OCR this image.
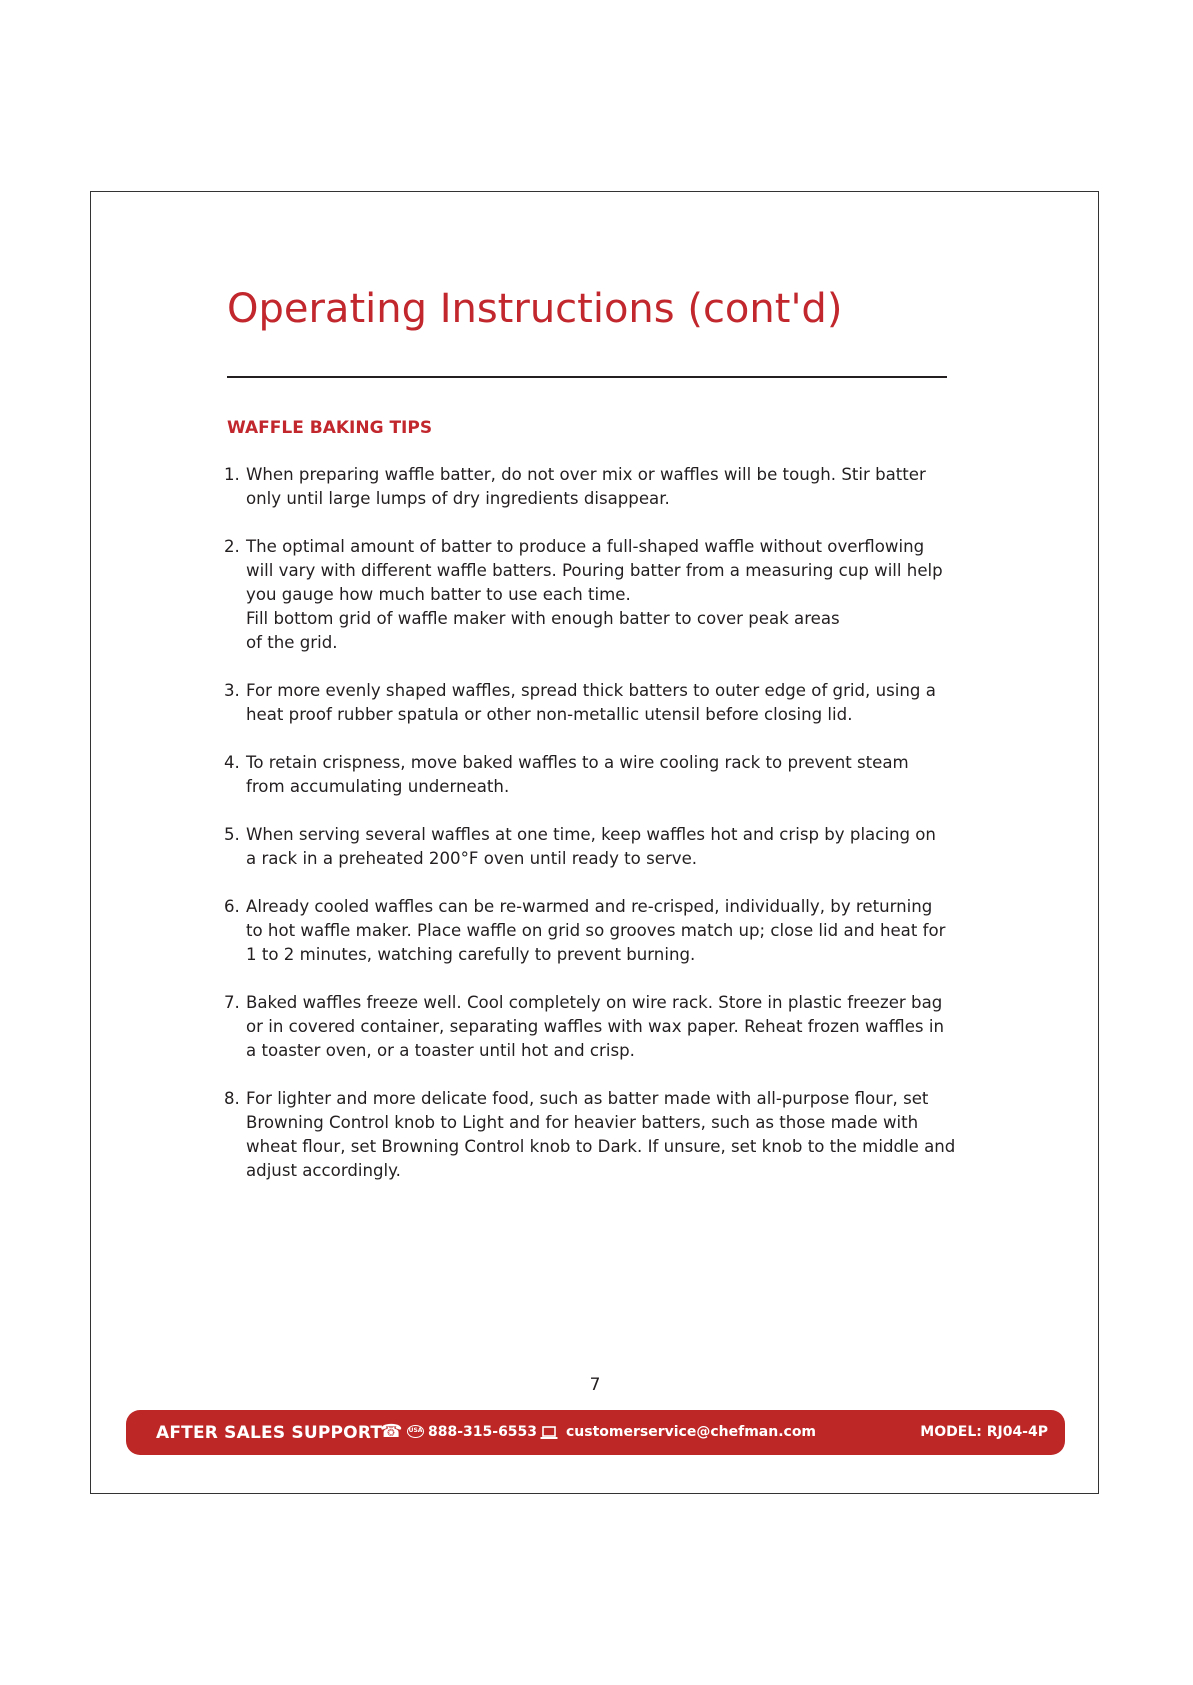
Operating Instructions (cont'd)
WAFFLE BAKING TIPS
1. When preparing waffle batter, do not over mix or waffles will be tough. Stir batter
only until large lumps of dry ingredients disappear.
2. The optimal amount of batter to produce a full-shaped waffle without overflowing
will vary with different waffle batters. Pouring batter from a measuring cup will help
you gauge how much batter to use each time.
Fill bottom grid of waffle maker with enough batter to cover peak areas
of the grid.
3. For more evenly shaped waffles, spread thick batters to outer edge of grid, using a
heat proof rubber spatula or other non-metallic utensil before closing lid.
4. To retain crispness, move baked waffles to a wire cooling rack to prevent steam
from accumulating underneath.
5. When serving several waffles at one time, keep waffles hot and crisp by placing on
a rack in a preheated 200°F oven until ready to serve.
6. Already cooled waffles can be re-warmed and re-crisped, individually, by returning
to hot waffle maker. Place waffle on grid so grooves match up; close lid and heat for
1 to 2 minutes, watching carefully to prevent burning.
7. Baked waffles freeze well. Cool completely on wire rack. Store in plastic freezer bag
or in covered container, separating waffles with wax paper. Reheat frozen waffles in
a toaster oven, or a toaster until hot and crisp.
8. For lighter and more delicate food, such as batter made with all-purpose flour, set
Browning Control knob to Light and for heavier batters, such as those made with
wheat flour, set Browning Control knob to Dark. If unsure, set knob to the middle and
adjust accordingly.
7
AFTER SALES SUPPORT
☎ USA 888-315-6553 customerservice@chefman.com	MODEL: RJ04-4P
